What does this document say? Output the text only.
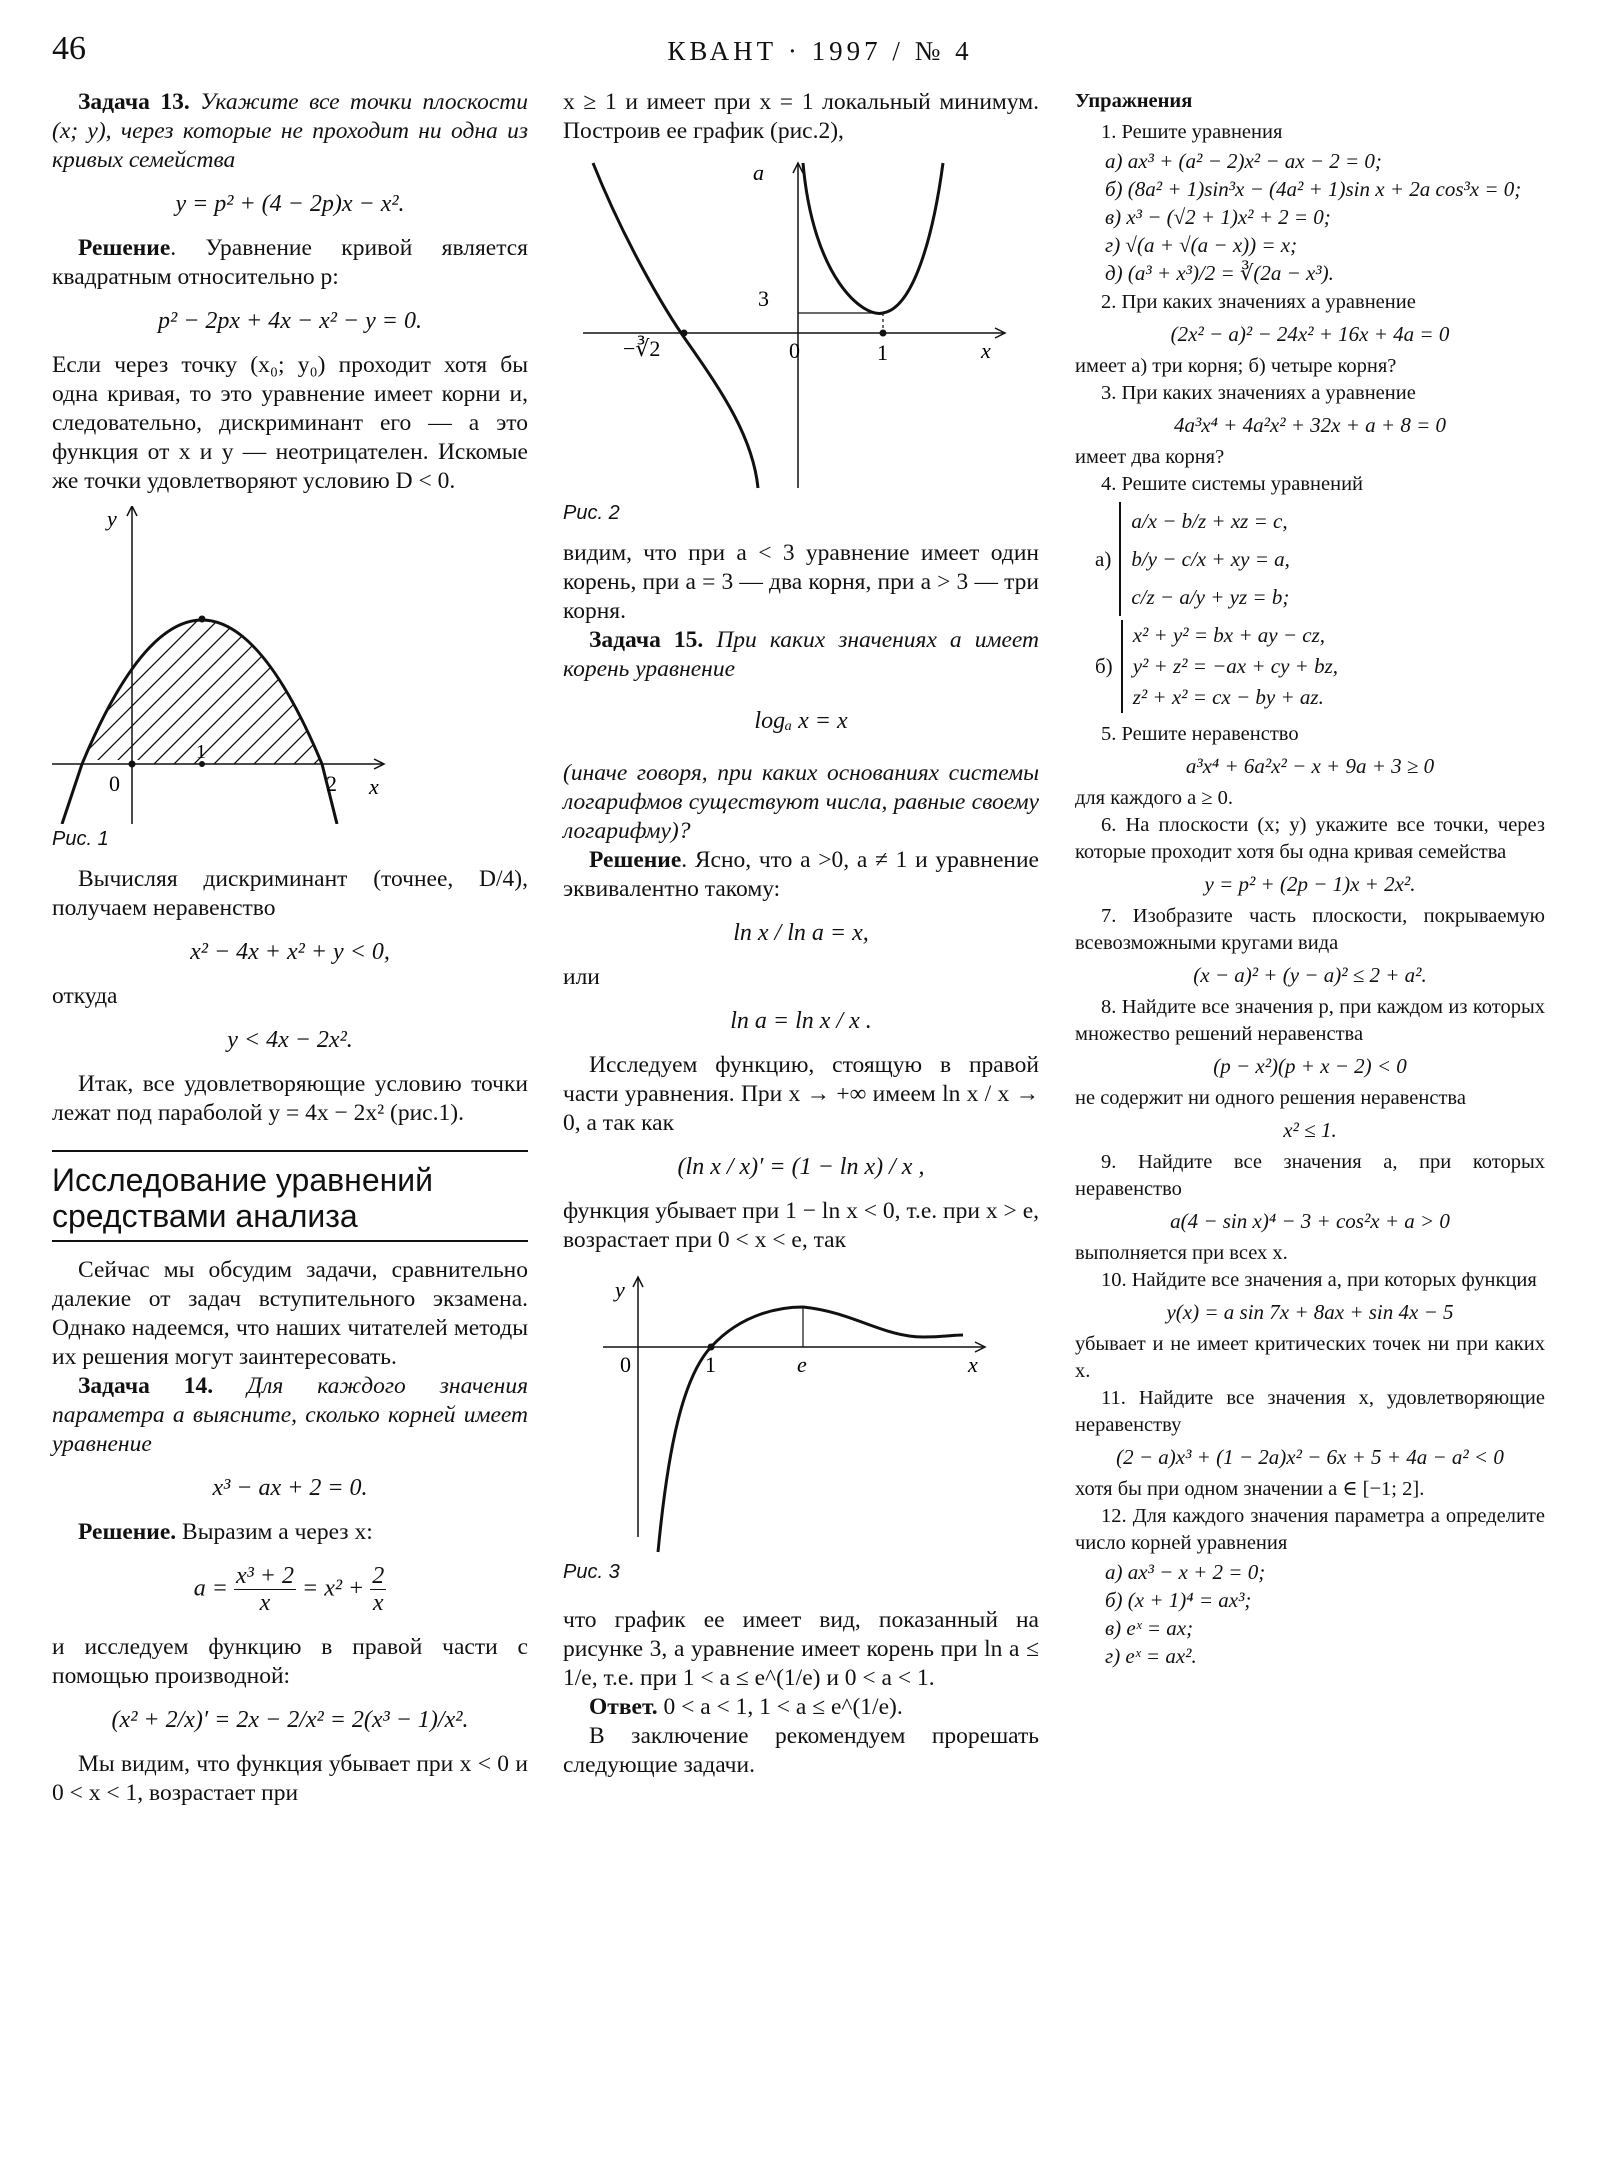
46	КВАНТ · 1997 / № 4

Задача 13. Укажите все точки плоскости (x; y), через которые не проходит ни одна из кривых семейства

y = p² + (4 − 2p)x − x².

Решение. Уравнение кривой является квадратным относительно p:

p² − 2px + 4x − x² − y = 0.

Если через точку (x₀; y₀) проходит хотя бы одна кривая, то это уравнение имеет корни и, следовательно, дискриминант его — а это функция от x и y — неотрицателен. Искомые же точки удовлетворяют условию D < 0.

y
0
1
2 x
Рис. 1

Вычисляя дискриминант (точнее, D/4), получаем неравенство

x² − 4x + x² + y < 0,

откуда

y < 4x − 2x².

Итак, все удовлетворяющие условию точки лежат под параболой y = 4x − 2x² (рис.1).

Исследование уравнений средствами анализа

Сейчас мы обсудим задачи, сравнительно далекие от задач вступительного экзамена. Однако надеемся, что наших читателей методы их решения могут заинтересовать.

Задача 14. Для каждого значения параметра a выясните, сколько корней имеет уравнение

x³ − ax + 2 = 0.

Решение. Выразим a через x:

$a = \frac{\text{x³ + 2}}{x} = x^2 + \frac{2}{x}$

и исследуем функцию в правой части с помощью производной:

(x² + 2/x)′ = 2x − 2/x² = 2(x³ − 1)/x².

Мы видим, что функция убывает при x < 0 и 0 < x < 1, возрастает при

x ≥ 1 и имеет при x = 1 локальный минимум. Построив ее график (рис.2),

a
3
−∛2	0	1	x
Рис. 2

видим, что при a < 3 уравнение имеет один корень, при a = 3 — два корня, при a > 3 — три корня.

Задача 15. При каких значениях a имеет корень уравнение

logₐ x = x

(иначе говоря, при каких основаниях системы логарифмов существуют числа, равные своему логарифму)?

Решение. Ясно, что a >0, a ≠ 1 и уравнение эквивалентно такому:

ln x / ln a = x,

или

ln a = ln x / x .

Исследуем функцию, стоящую в правой части уравнения. При x → +∞ имеем ln x / x → 0, а так как

(ln x / x)′ = (1 − ln x) / x ,

функция убывает при 1 − ln x < 0, т.е. при x > e, возрастает при 0 < x < e, так

y
0	1	e	x
Рис. 3

что график ее имеет вид, показанный на рисунке 3, а уравнение имеет корень при ln a ≤ 1/e, т.е. при 1 < a ≤ e^(1/e) и 0 < a < 1.

Ответ. 0 < a < 1, 1 < a ≤ e^(1/e).

В заключение рекомендуем прорешать следующие задачи.

Упражнения

1. Решите уравнения

а) ax³ + (a² − 2)x² − ax − 2 = 0;
б) (8a² + 1)sin³x − (4a² + 1)sin x + 2a cos³x = 0;
в) x³ − (√2 + 1)x² + 2 = 0;
г) √(a + √(a − x)) = x;
д) (a³ + x³)/2 = ∛(2a − x³).

2. При каких значениях a уравнение

(2x² − a)² − 24x² + 16x + 4a = 0

имеет а) три корня; б) четыре корня?

3. При каких значениях a уравнение

4a³x⁴ + 4a²x² + 32x + a + 8 = 0

имеет два корня?

4. Решите системы уравнений

а)
a/x − b/z + xz = c,
b/y − c/x + xy = a,
c/z − a/y + yz = b;
б)
x² + y² = bx + ay − cz,
y² + z² = −ax + cy + bz,
z² + x² = cx − by + az.

5. Решите неравенство

a³x⁴ + 6a²x² − x + 9a + 3 ≥ 0

для каждого a ≥ 0.

6. На плоскости (x; y) укажите все точки, через которые проходит хотя бы одна кривая семейства

y = p² + (2p − 1)x + 2x².

7. Изобразите часть плоскости, покрываемую всевозможными кругами вида

(x − a)² + (y − a)² ≤ 2 + a².

8. Найдите все значения p, при каждом из которых множество решений неравенства

(p − x²)(p + x − 2) < 0

не содержит ни одного решения неравенства

x² ≤ 1.

9. Найдите все значения a, при которых неравенство

a(4 − sin x)⁴ − 3 + cos²x + a > 0

выполняется при всех x.

10. Найдите все значения a, при которых функция

y(x) = a sin 7x + 8ax + sin 4x − 5

убывает и не имеет критических точек ни при каких x.

11. Найдите все значения x, удовлетворяющие неравенству

(2 − a)x³ + (1 − 2a)x² − 6x + 5 + 4a − a² < 0

хотя бы при одном значении a ∈ [−1; 2].

12. Для каждого значения параметра a определите число корней уравнения

а) ax³ − x + 2 = 0;
б) (x + 1)⁴ = ax³;
в) eˣ = ax;
г) eˣ = ax².
